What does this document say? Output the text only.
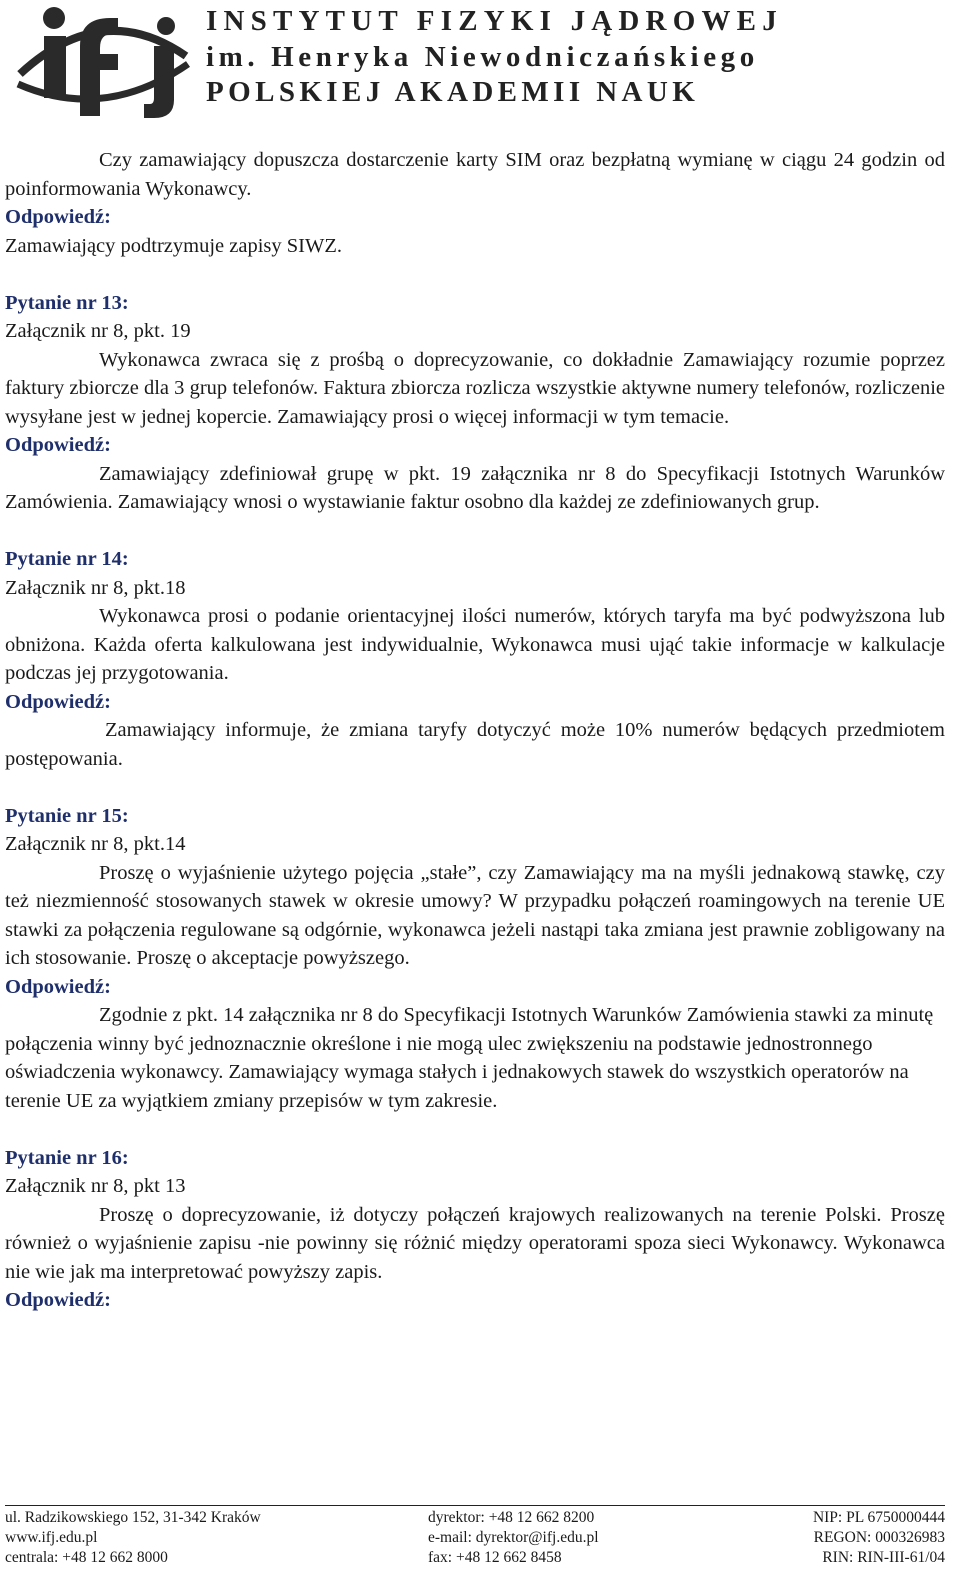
ifj
INSTYTUT FIZYKI JĄDROWEJ
im. Henryka Niewodniczańskiego
POLSKIEJ AKADEMII NAUK

Czy zamawiający dopuszcza dostarczenie karty SIM oraz bezpłatną wymianę w ciągu 24 godzin od poinformowania Wykonawcy.

Odpowiedź:

Zamawiający podtrzymuje zapisy SIWZ.

Pytanie nr 13:

Załącznik nr 8, pkt. 19

Wykonawca zwraca się z prośbą o doprecyzowanie, co dokładnie Zamawiający rozumie poprzez faktury zbiorcze dla 3 grup telefonów. Faktura zbiorcza rozlicza wszystkie aktywne numery telefonów, rozliczenie wysyłane jest w jednej kopercie. Zamawiający prosi o więcej informacji w tym temacie.

Odpowiedź:

Zamawiający zdefiniował grupę w pkt. 19 załącznika nr 8 do Specyfikacji Istotnych Warunków Zamówienia. Zamawiający wnosi o wystawianie faktur osobno dla każdej ze zdefiniowanych grup.

Pytanie nr 14:

Załącznik nr 8, pkt.18

Wykonawca prosi o podanie orientacyjnej ilości numerów, których taryfa ma być podwyższona lub obniżona. Każda oferta kalkulowana jest indywidualnie, Wykonawca musi ująć takie informacje w kalkulacje podczas jej przygotowania.

Odpowiedź:

Zamawiający informuje, że zmiana taryfy dotyczyć może 10% numerów będących przedmiotem postępowania.

Pytanie nr 15:

Załącznik nr 8, pkt.14

Proszę o wyjaśnienie użytego pojęcia „stałe”, czy Zamawiający ma na myśli jednakową stawkę, czy też niezmienność stosowanych stawek w okresie umowy? W przypadku połączeń roamingowych na terenie UE stawki za połączenia regulowane są odgórnie, wykonawca jeżeli nastąpi taka zmiana jest prawnie zobligowany na ich stosowanie. Proszę o akceptacje powyższego.

Odpowiedź:

Zgodnie z pkt. 14 załącznika nr 8 do Specyfikacji Istotnych Warunków Zamówienia stawki za minutę połączenia winny być jednoznacznie określone i nie mogą ulec zwiększeniu na podstawie jednostronnego oświadczenia wykonawcy. Zamawiający wymaga stałych i jednakowych stawek do wszystkich operatorów na terenie UE za wyjątkiem zmiany przepisów w tym zakresie.

Pytanie nr 16:

Załącznik nr 8, pkt 13

Proszę o doprecyzowanie, iż dotyczy połączeń krajowych realizowanych na terenie Polski. Proszę również o wyjaśnienie zapisu -nie powinny się różnić między operatorami spoza sieci Wykonawcy. Wykonawca nie wie jak ma interpretować powyższy zapis.

Odpowiedź:

ul. Radzikowskiego 152, 31-342 Kraków
www.ifj.edu.pl
centrala: +48 12 662 8000
dyrektor: +48 12 662 8200
e-mail: dyrektor@ifj.edu.pl
fax: +48 12 662 8458
NIP: PL 6750000444
REGON: 000326983
RIN: RIN-III-61/04
